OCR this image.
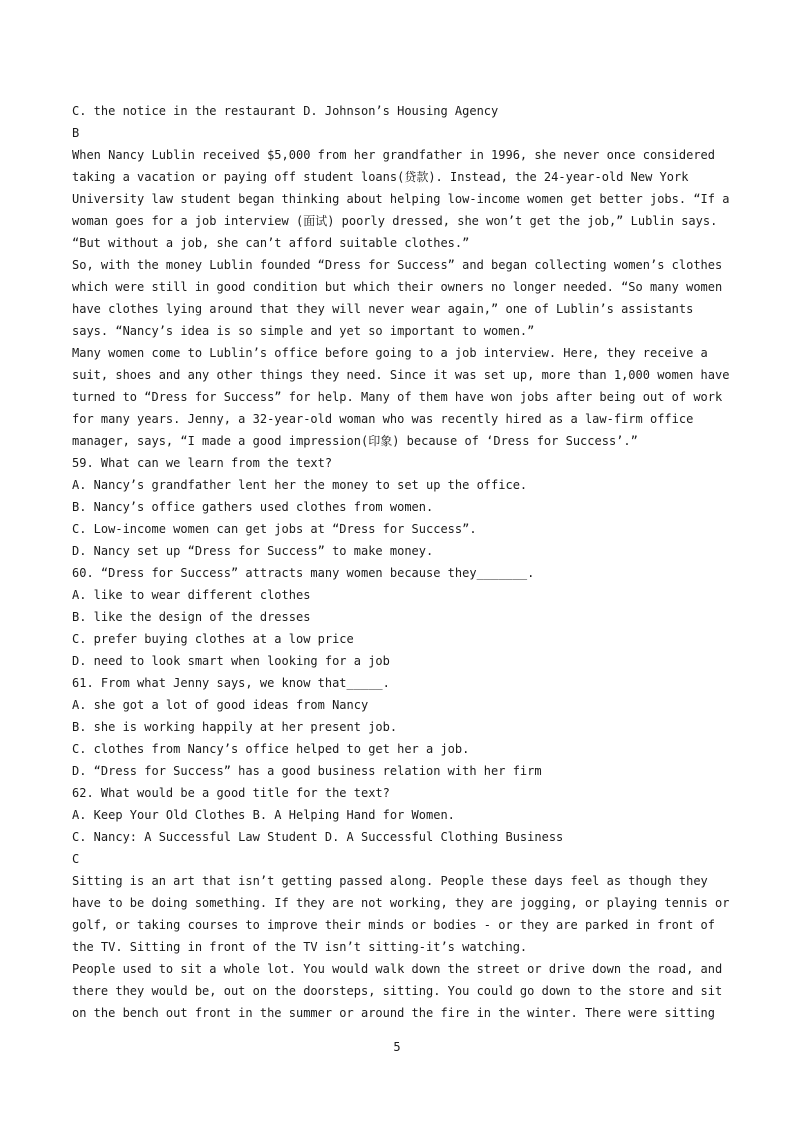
C. the notice in the restaurant D. Johnson’s Housing Agency

B

When Nancy Lublin received $5,000 from her grandfather in 1996, she never once considered taking a vacation or paying off student loans(贷款). Instead, the 24-year-old New York University law student began thinking about helping low-income women get better jobs. “If a woman goes for a job interview (面试) poorly dressed, she won’t get the job,” Lublin says. “But without a job, she can’t afford suitable clothes.”

So, with the money Lublin founded “Dress for Success” and began collecting women’s clothes which were still in good condition but which their owners no longer needed. “So many women have clothes lying around that they will never wear again,” one of Lublin’s assistants says. “Nancy’s idea is so simple and yet so important to women.”

Many women come to Lublin’s office before going to a job interview. Here, they receive a suit, shoes and any other things they need. Since it was set up, more than 1,000 women have turned to “Dress for Success” for help. Many of them have won jobs after being out of work for many years. Jenny, a 32-year-old woman who was recently hired as a law-firm office manager, says, “I made a good impression(印象) because of ‘Dress for Success’.”

59. What can we learn from the text?

A. Nancy’s grandfather lent her the money to set up the office.

B. Nancy’s office gathers used clothes from women.

C. Low-income women can get jobs at “Dress for Success”.

D. Nancy set up “Dress for Success” to make money.

60. “Dress for Success” attracts many women because they_______.

A. like to wear different clothes

B. like the design of the dresses

C. prefer buying clothes at a low price

D. need to look smart when looking for a job

61. From what Jenny says, we know that_____.

A. she got a lot of good ideas from Nancy

B. she is working happily at her present job.

C. clothes from Nancy’s office helped to get her a job.

D. “Dress for Success” has a good business relation with her firm

62. What would be a good title for the text?

A. Keep Your Old Clothes B. A Helping Hand for Women.

C. Nancy: A Successful Law Student D. A Successful Clothing Business

C

Sitting is an art that isn’t getting passed along. People these days feel as though they have to be doing something. If they are not working, they are jogging, or playing tennis or golf, or taking courses to improve their minds or bodies - or they are parked in front of the TV. Sitting in front of the TV isn’t sitting-it’s watching.

People used to sit a whole lot. You would walk down the street or drive down the road, and there they would be, out on the doorsteps, sitting. You could go down to the store and sit on the bench out front in the summer or around the fire in the winter. There were sitting

5
